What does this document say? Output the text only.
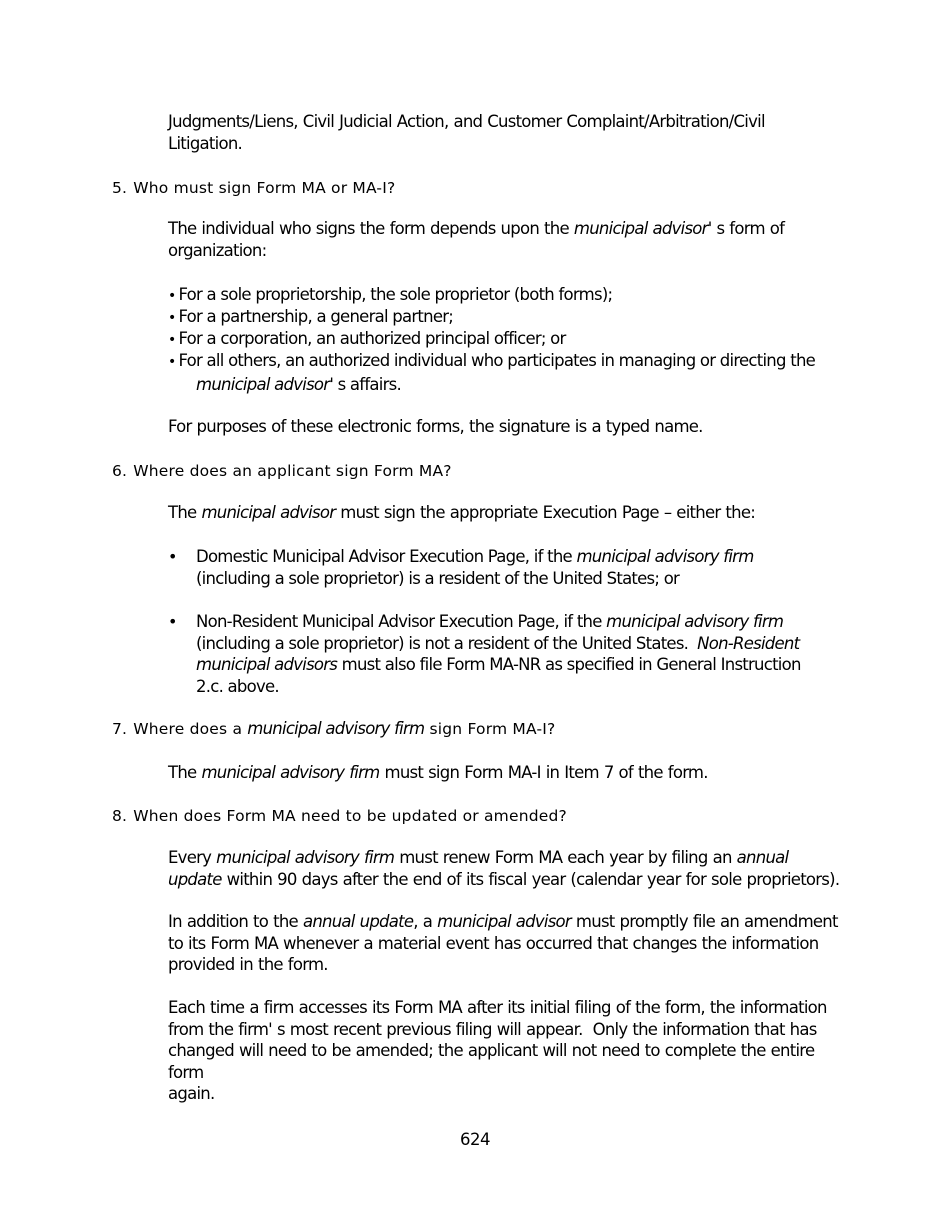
Judgments/Liens, Civil Judicial Action, and Customer Complaint/Arbitration/Civil
Litigation.
5. Who must sign Form MA or MA-I?
The individual who signs the form depends upon the municipal advisor' s form of
organization:
• For a sole proprietorship, the sole proprietor (both forms);
• For a partnership, a general partner;
• For a corporation, an authorized principal officer; or
• For all others, an authorized individual who participates in managing or directing the
municipal advisor' s affairs.
For purposes of these electronic forms, the signature is a typed name.
6. Where does an applicant sign Form MA?
The municipal advisor must sign the appropriate Execution Page – either the:
• Domestic Municipal Advisor Execution Page, if the municipal advisory firm
(including a sole proprietor) is a resident of the United States; or
• Non-Resident Municipal Advisor Execution Page, if the municipal advisory firm
(including a sole proprietor) is not a resident of the United States.  Non-Resident
municipal advisors must also file Form MA-NR as specified in General Instruction
2.c. above.
7. Where does a municipal advisory firm sign Form MA-I?
The municipal advisory firm must sign Form MA-I in Item 7 of the form.
8. When does Form MA need to be updated or amended?
Every municipal advisory firm must renew Form MA each year by filing an annual
update within 90 days after the end of its fiscal year (calendar year for sole proprietors).
In addition to the annual update, a municipal advisor must promptly file an amendment
to its Form MA whenever a material event has occurred that changes the information
provided in the form.
Each time a firm accesses its Form MA after its initial filing of the form, the information
from the firm' s most recent previous filing will appear.  Only the information that has
changed will need to be amended; the applicant will not need to complete the entire form
again.
624
